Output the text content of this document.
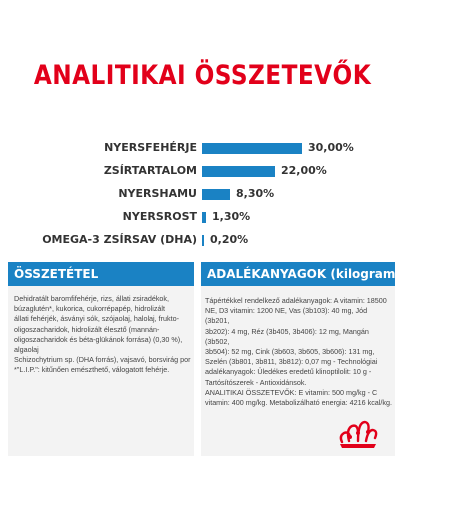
ANALITIKAI ÖSSZETEVŐK
NYERSFEHÉRJE	30,00%
ZSÍRTARTALOM	22,00%
NYERSHAMU	8,30%
NYERSROST 1,30%
OMEGA-3 ZSÍRSAV (DHA) 0,20%
ÖSSZETÉTEL	ADALÉKANYAGOK (kilogrammonként)
Dehidratált baromfifehérje, rizs, állati zsiradékok,
búzaglutén*, kukorica, cukorrépapép, hidrolizált
állati fehérjék, ásványi sók, szójaolaj, halolaj, frukto-
oligoszacharidok, hidrolizált élesztő (mannán-
oligoszacharidok és béta-glükánok forrása) (0,30 %), algaolaj
Schizochytrium sp. (DHA forrás), vajsavó, borsvirág por
*"L.I.P.": kitűnően emészthető, válogatott fehérje.
Tápértékkel rendelkező adalékanyagok: A vitamin: 18500
NE, D3 vitamin: 1200 NE, Vas (3b103): 40 mg, Jód (3b201,
3b202): 4 mg, Réz (3b405, 3b406): 12 mg, Mangán (3b502,
3b504): 52 mg, Cink (3b603, 3b605, 3b606): 131 mg,
Szelén (3b801, 3b811, 3b812): 0,07 mg - Technológiai
adalékanyagok: Üledékes eredetű klinoptilolit: 10 g -
Tartósítószerek - Antioxidánsok.
ANALITIKAI ÖSSZETEVŐK: E vitamin: 500 mg/kg - C
vitamin: 400 mg/kg. Metabolizálható energia: 4216 kcal/kg.
